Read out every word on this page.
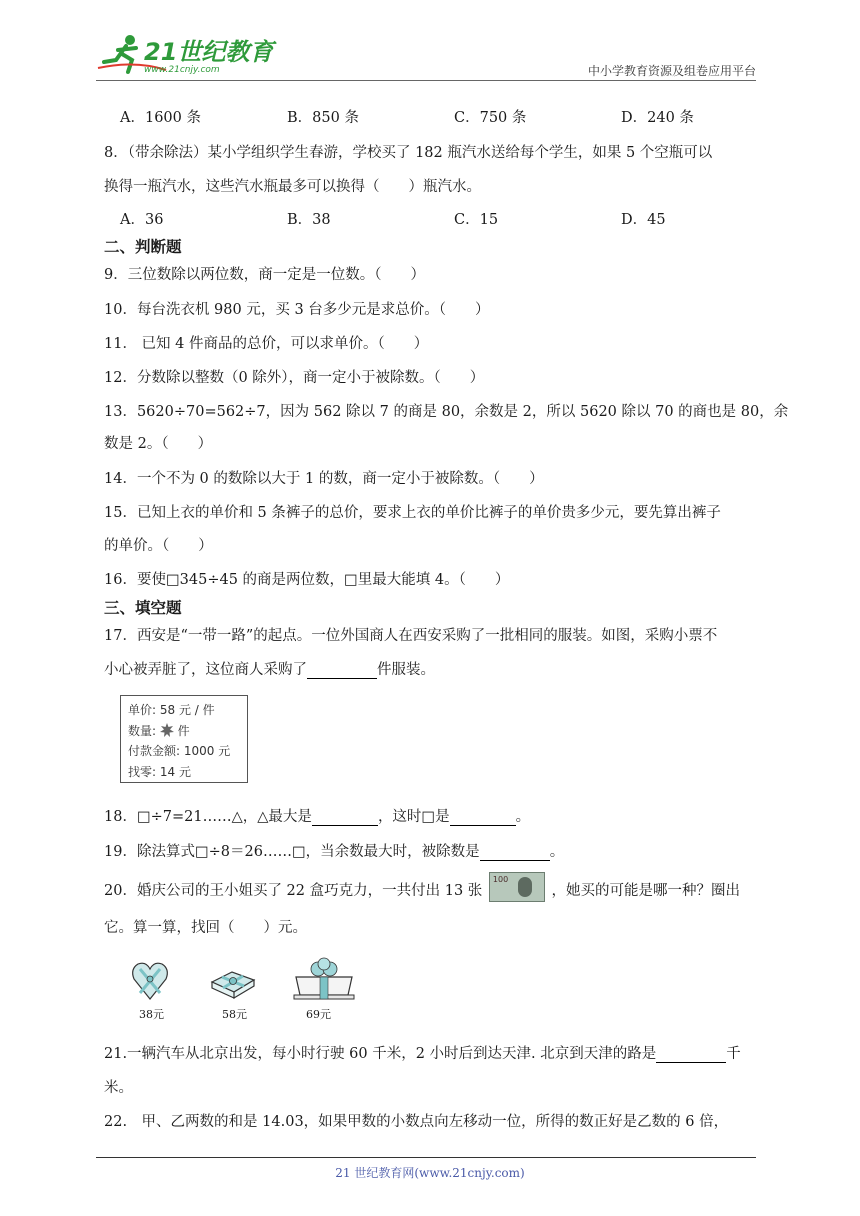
21世纪教育
www.21cnjy.com	中小学教育资源及组卷应用平台
A．1600 条	B．850 条	C．750 条	D．240 条
8．（带余除法）某小学组织学生春游，学校买了 182 瓶汽水送给每个学生，如果 5 个空瓶可以
换得一瓶汽水，这些汽水瓶最多可以换得（　　）瓶汽水。
A．36	B．38	C．15	D．45
二、判断题
9．三位数除以两位数，商一定是一位数。（　　）
10．每台洗衣机 980 元，买 3 台多少元是求总价。（　　）
11． 已知 4 件商品的总价，可以求单价。（　　）
12．分数除以整数（0 除外），商一定小于被除数。（　　）
13．5620÷70=562÷7，因为 562 除以 7 的商是 80，余数是 2，所以 5620 除以 70 的商也是 80，余
数是 2。（　　）
14．一个不为 0 的数除以大于 1 的数，商一定小于被除数。（　　）
15．已知上衣的单价和 5 条裤子的总价，要求上衣的单价比裤子的单价贵多少元，要先算出裤子
的单价。（　　）
16．要使□345÷45 的商是两位数，□里最大能填 4。（　　）
三、填空题
17．西安是“一带一路”的起点。一位外国商人在西安采购了一批相同的服装。如图，采购小票不
小心被弄脏了，这位商人采购了	件服装。
单价: 58 元 / 件
数量:  件
付款金额: 1000 元
找零: 14 元
18．□÷7=21……△，△最大是	，这时□是	。
19．除法算式□÷8＝26……□，当余数最大时，被除数是	。
20．婚庆公司的王小姐买了 22 盒巧克力，一共付出 13 张
100
，她买的可能是哪一种？圈出
它。算一算，找回（　　）元。
38元	58元	69元
21.一辆汽车从北京出发，每小时行驶 60 千米，2 小时后到达天津. 北京到天津的路是	千
米。
22.　甲、乙两数的和是 14.03，如果甲数的小数点向左移动一位，所得的数正好是乙数的 6 倍，
21 世纪教育网(www.21cnjy.com)
